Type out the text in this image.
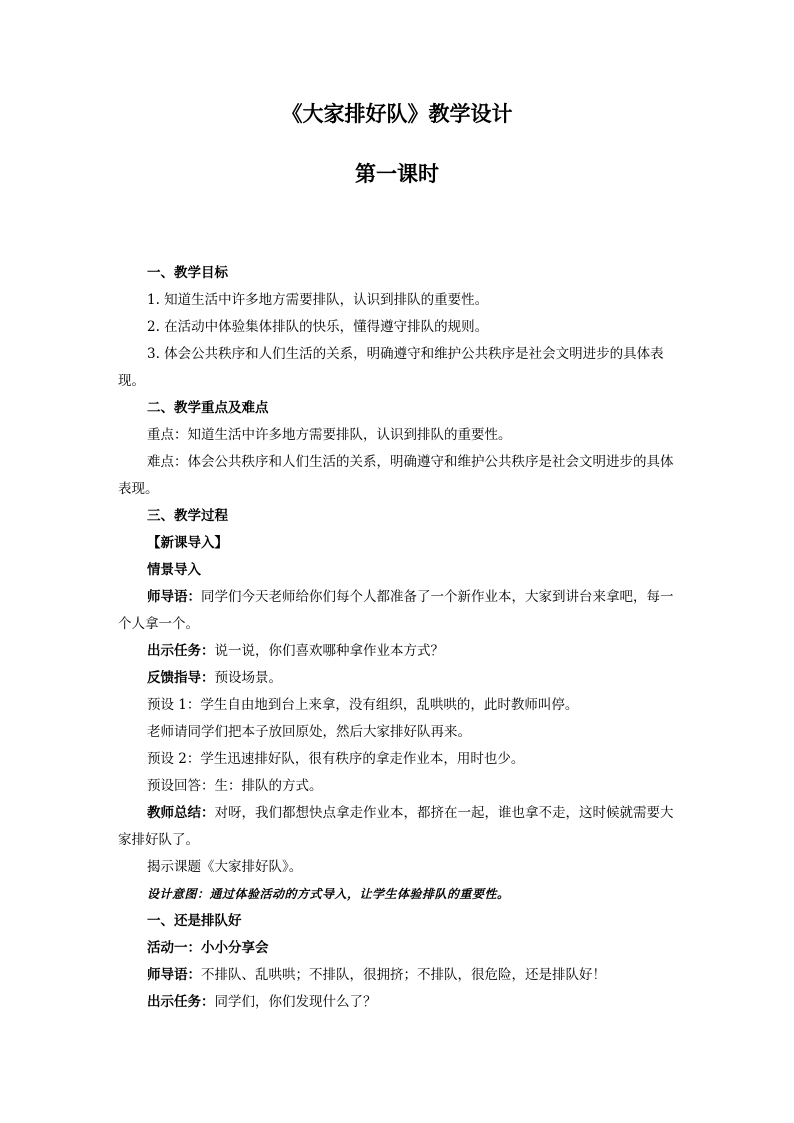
《大家排好队》教学设计
第一课时

一、教学目标

1. 知道生活中许多地方需要排队，认识到排队的重要性。

2. 在活动中体验集体排队的快乐，懂得遵守排队的规则。

3. 体会公共秩序和人们生活的关系，明确遵守和维护公共秩序是社会文明进步的具体表现。

二、教学重点及难点

重点：知道生活中许多地方需要排队，认识到排队的重要性。

难点：体会公共秩序和人们生活的关系，明确遵守和维护公共秩序是社会文明进步的具体表现。

三、教学过程

【新课导入】

情景导入

师导语：同学们今天老师给你们每个人都准备了一个新作业本，大家到讲台来拿吧，每一个人拿一个。

出示任务：说一说，你们喜欢哪种拿作业本方式？

反馈指导：预设场景。

预设 1：学生自由地到台上来拿，没有组织，乱哄哄的，此时教师叫停。

老师请同学们把本子放回原处，然后大家排好队再来。

预设 2：学生迅速排好队，很有秩序的拿走作业本，用时也少。

预设回答：生：排队的方式。

教师总结：对呀，我们都想快点拿走作业本，都挤在一起，谁也拿不走，这时候就需要大家排好队了。

揭示课题《大家排好队》。

设计意图：通过体验活动的方式导入，让学生体验排队的重要性。

一、还是排队好

活动一：小小分享会

师导语：不排队、乱哄哄；不排队，很拥挤；不排队，很危险，还是排队好！

出示任务：同学们，你们发现什么了？
